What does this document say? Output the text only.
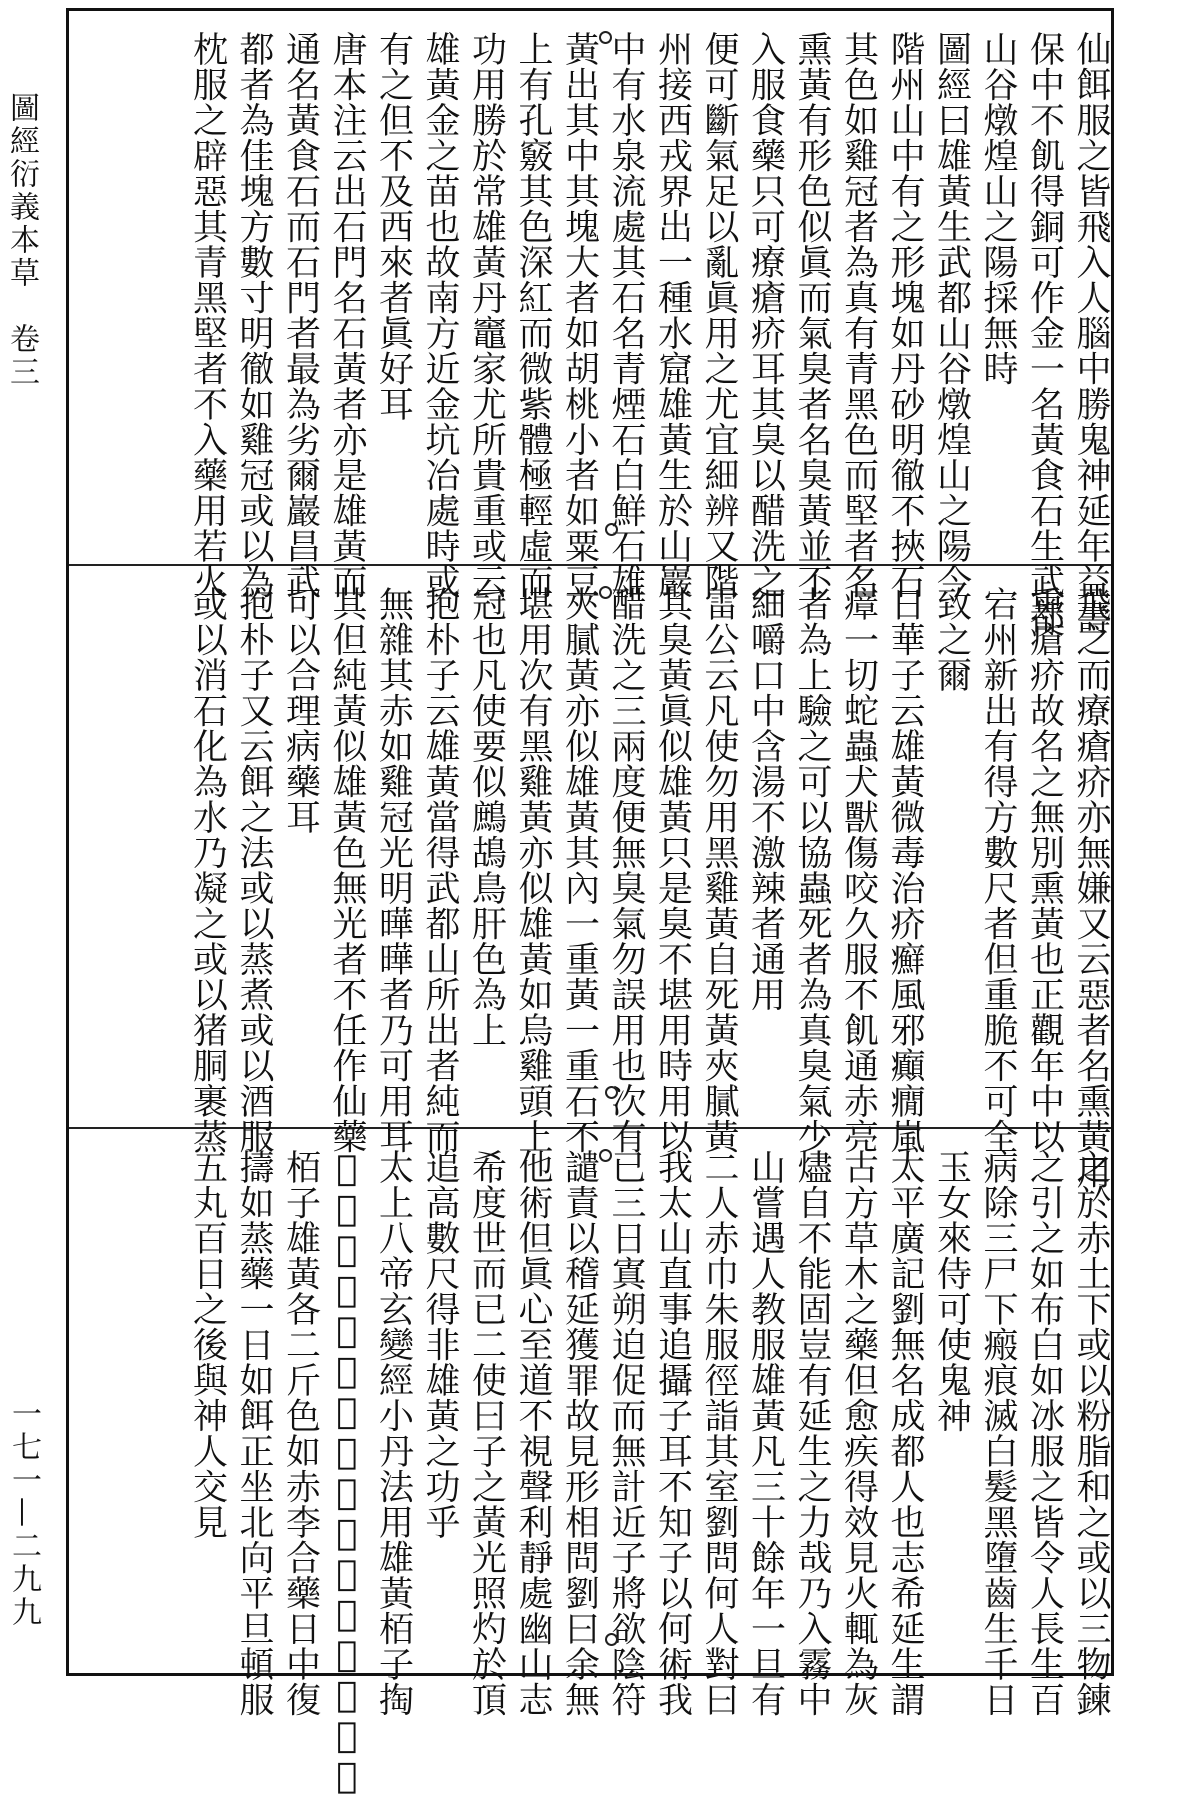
圖經衍義本草　卷三
一七一—二九九
仙餌服之皆飛入人腦中勝鬼神延年益壽
保中不飢得銅可作金一名黃食石生武都
山谷燉煌山之陽採無時
圖經曰雄黃生武都山谷燉煌山之陽今
階州山中有之形塊如丹砂明徹不挾石
其色如雞冠者為真有青黑色而堅者名
熏黃有形色似眞而氣臭者名臭黃並不
入服食藥只可療瘡疥耳其臭以醋洗之
便可斷氣足以亂眞用之尤宜細辨又階
州接西戎界出一種水窟雄黃生於山巖
中有水泉流處其石名青煙石白鮮石雄
黃出其中其塊大者如胡桃小者如粟豆
上有孔竅其色深紅而微紫體極輕虛而
功用勝於常雄黃丹竈家尤所貴重或云
雄黃金之苗也故南方近金坑冶處時或
有之但不及西來者眞好耳
唐本注云出石門名石黃者亦是雄黃而
通名黃食石而石門者最為劣爾巖昌武
都者為佳塊方數寸明徹如雞冠或以為
枕服之辟惡其青黑堅者不入藥用若火
飛之而療瘡疥亦無嫌又云惡者名熏黃用
熏瘡疥故名之無別熏黃也正觀年中以
宕州新出有得方數尺者但重脆不可全
致之爾
日華子云雄黃微毒治疥癬風邪癲癇嵐
瘴一切蛇蟲犬獸傷咬久服不飢通赤亮
者為上驗之可以協蟲死者為真臭氣少
細嚼口中含湯不激辣者通用
雷公云凡使勿用黑雞黃自死黃夾膩黃
其臭黃眞似雄黃只是臭不堪用時用以
醋洗之三兩度便無臭氣勿誤用也次有
夾膩黃亦似雄黃其內一重黃一重石不
堪用次有黑雞黃亦似雄黃如烏雞頭上
冠也凡使要似鷓鴣鳥肝色為上
抱朴子云雄黃當得武都山所出者純而
無雜其赤如雞冠光明曄曄者乃可用耳
其但純黃似雄黃色無光者不任作仙藥
可以合理病藥耳
抱朴子又云餌之法或以蒸煮或以酒服
或以消石化為水乃凝之或以猪胴裹蒸
之於赤土下或以粉脂和之或以三物鍊
之引之如布白如冰服之皆令人長生百
病除三尸下瘢痕滅白髮黑墮齒生千日
玉女來侍可使鬼神
太平廣記劉無名成都人也志希延生謂
古方草木之藥但愈疾得效見火輒為灰
燼自不能固豈有延生之力哉乃入霧中
山嘗遇人教服雄黃凡三十餘年一旦有
二人赤巾朱服徑詣其室劉問何人對曰
我太山直事追攝子耳不知子以何術我
已三日寘朔迫促而無計近子將欲陰符
譴責以稽延獲罪故見形相問劉曰余無
他術但眞心至道不視聲利靜處幽山志
希度世而已二使曰子之黃光照灼於頂
追高數尺得非雄黃之功乎
太上八帝玄變經小丹法用雄黃栢子掏
𩲸制魄方栢子細篩去滓松脂十斤以和
栢子雄黃各二斤色如赤李合藥日中復
擣如蒸藥一日如餌正坐北向平旦頓服
五丸百日之後與神人交見
